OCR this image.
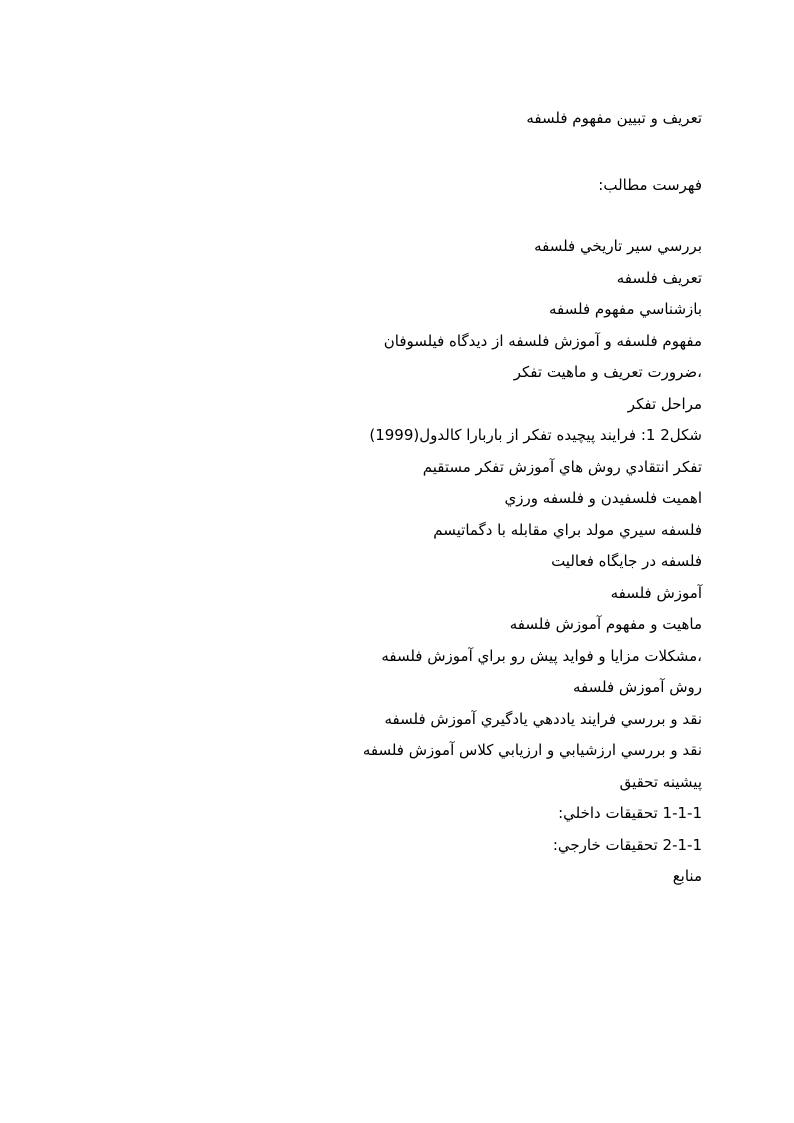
تعريف و تبيين مفهوم فلسفه
فهرست مطالب:
بررسي سير تاريخي فلسفه
تعريف فلسفه
بازشناسي مفهوم فلسفه
مفهوم فلسفه و آموزش فلسفه از ديدگاه فيلسوفان
،ضرورت تعريف و ماهيت تفكر
مراحل تفكر
شكل2 1: فرايند پيچيده تفكر از باربارا كالدول(1999)
تفكر انتقادي روش هاي آموزش تفكر مستقيم
اهميت فلسفيدن و فلسفه ورزي
فلسفه سيري مولد براي مقابله با دگماتيسم
فلسفه در جايگاه فعاليت
آموزش فلسفه
ماهيت و مفهوم آموزش فلسفه
،مشكلات مزايا و فوايد پيش رو براي آموزش فلسفه
روش آموزش فلسفه
نقد و بررسي فرايند ياددهي يادگيري آموزش فلسفه
نقد و بررسي ارزشيابي و ارزيابي كلاس آموزش فلسفه
پيشينه تحقيق
1-1-1 تحقيقات داخلي:
2-1-1 تحقيقات خارجي:
منابع
